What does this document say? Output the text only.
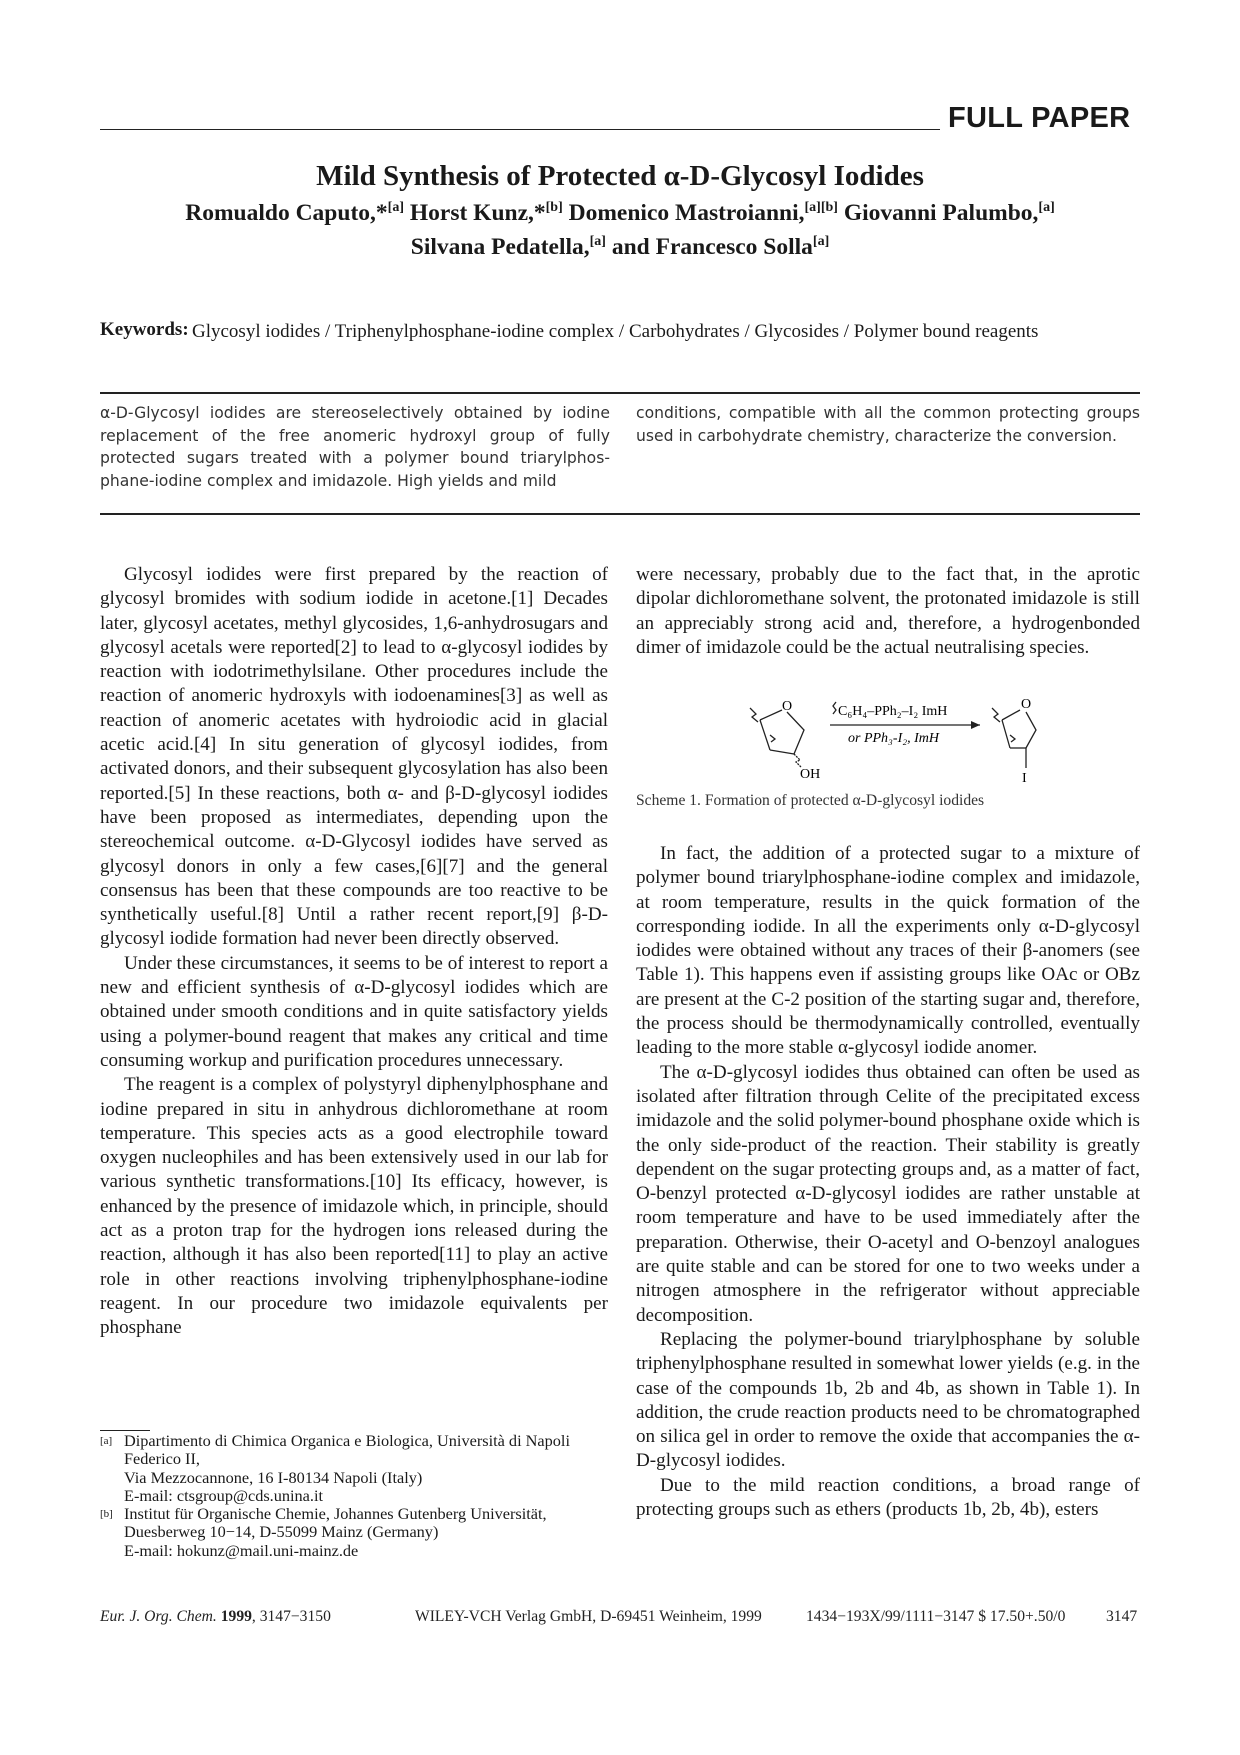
FULL PAPER
Mild Synthesis of Protected α-D-Glycosyl Iodides
Romualdo Caputo,*[a] Horst Kunz,*[b] Domenico Mastroianni,[a][b] Giovanni Palumbo,[a]
Silvana Pedatella,[a] and Francesco Solla[a]
Keywords: Glycosyl iodides / Triphenylphosphane-iodine complex / Carbohydrates / Glycosides / Polymer bound reagents
α-D-Glycosyl iodides are stereoselectively obtained by iodine replacement of the free anomeric hydroxyl group of fully protected sugars treated with a polymer bound triarylphosphane-iodine complex and imidazole. High yields and mild
conditions, compatible with all the common protecting groups used in carbohydrate chemistry, characterize the conversion.

Glycosyl iodides were first prepared by the reaction of glycosyl bromides with sodium iodide in acetone.[1] Decades later, glycosyl acetates, methyl glycosides, 1,6-anhydrosugars and glycosyl acetals were reported[2] to lead to α-glycosyl iodides by reaction with iodotrimethylsilane. Other procedures include the reaction of anomeric hydroxyls with iodoenamines[3] as well as reaction of anomeric acetates with hydroiodic acid in glacial acetic acid.[4] In situ generation of glycosyl iodides, from activated donors, and their subsequent glycosylation has also been reported.[5] In these reactions, both α- and β-D-glycosyl iodides have been proposed as intermediates, depending upon the stereochemical outcome. α-D-Glycosyl iodides have served as glycosyl donors in only a few cases,[6][7] and the general consensus has been that these compounds are too reactive to be synthetically useful.[8] Until a rather recent report,[9] β-D-glycosyl iodide formation had never been directly observed.

Under these circumstances, it seems to be of interest to report a new and efficient synthesis of α-D-glycosyl iodides which are obtained under smooth conditions and in quite satisfactory yields using a polymer-bound reagent that makes any critical and time consuming workup and purification procedures unnecessary.

The reagent is a complex of polystyryl diphenylphosphane and iodine prepared in situ in anhydrous dichloromethane at room temperature. This species acts as a good electrophile toward oxygen nucleophiles and has been extensively used in our lab for various synthetic transformations.[10] Its efficacy, however, is enhanced by the presence of imidazole which, in principle, should act as a proton trap for the hydrogen ions released during the reaction, although it has also been reported[11] to play an active role in other reactions involving triphenylphosphane-iodine reagent. In our procedure two imidazole equivalents per phosphane

were necessary, probably due to the fact that, in the aprotic dipolar dichloromethane solvent, the protonated imidazole is still an appreciably strong acid and, therefore, a hydrogenbonded dimer of imidazole could be the actual neutralising species.

O
OH
C₆H₄–PPh₂–I₂ ImH
or PPh₃-I₂, ImH
O
I
Scheme 1. Formation of protected α-D-glycosyl iodides

In fact, the addition of a protected sugar to a mixture of polymer bound triarylphosphane-iodine complex and imidazole, at room temperature, results in the quick formation of the corresponding iodide. In all the experiments only α-D-glycosyl iodides were obtained without any traces of their β-anomers (see Table 1). This happens even if assisting groups like OAc or OBz are present at the C-2 position of the starting sugar and, therefore, the process should be thermodynamically controlled, eventually leading to the more stable α-glycosyl iodide anomer.

The α-D-glycosyl iodides thus obtained can often be used as isolated after filtration through Celite of the precipitated excess imidazole and the solid polymer-bound phosphane oxide which is the only side-product of the reaction. Their stability is greatly dependent on the sugar protecting groups and, as a matter of fact, O-benzyl protected α-D-glycosyl iodides are rather unstable at room temperature and have to be used immediately after the preparation. Otherwise, their O-acetyl and O-benzoyl analogues are quite stable and can be stored for one to two weeks under a nitrogen atmosphere in the refrigerator without appreciable decomposition.

Replacing the polymer-bound triarylphosphane by soluble triphenylphosphane resulted in somewhat lower yields (e.g. in the case of the compounds 1b, 2b and 4b, as shown in Table 1). In addition, the crude reaction products need to be chromatographed on silica gel in order to remove the oxide that accompanies the α-D-glycosyl iodides.

Due to the mild reaction conditions, a broad range of protecting groups such as ethers (products 1b, 2b, 4b), esters

[a] Dipartimento di Chimica Organica e Biologica, Università di Napoli Federico II,
Via Mezzocannone, 16 I-80134 Napoli (Italy)
E-mail: ctsgroup@cds.unina.it
[b] Institut für Organische Chemie, Johannes Gutenberg Universität,
Duesberweg 10−14, D-55099 Mainz (Germany)
E-mail: hokunz@mail.uni-mainz.de
Eur. J. Org. Chem. 1999, 3147−3150	WILEY-VCH Verlag GmbH, D-69451 Weinheim, 1999	1434−193X/99/1111−3147 $ 17.50+.50/0	3147
